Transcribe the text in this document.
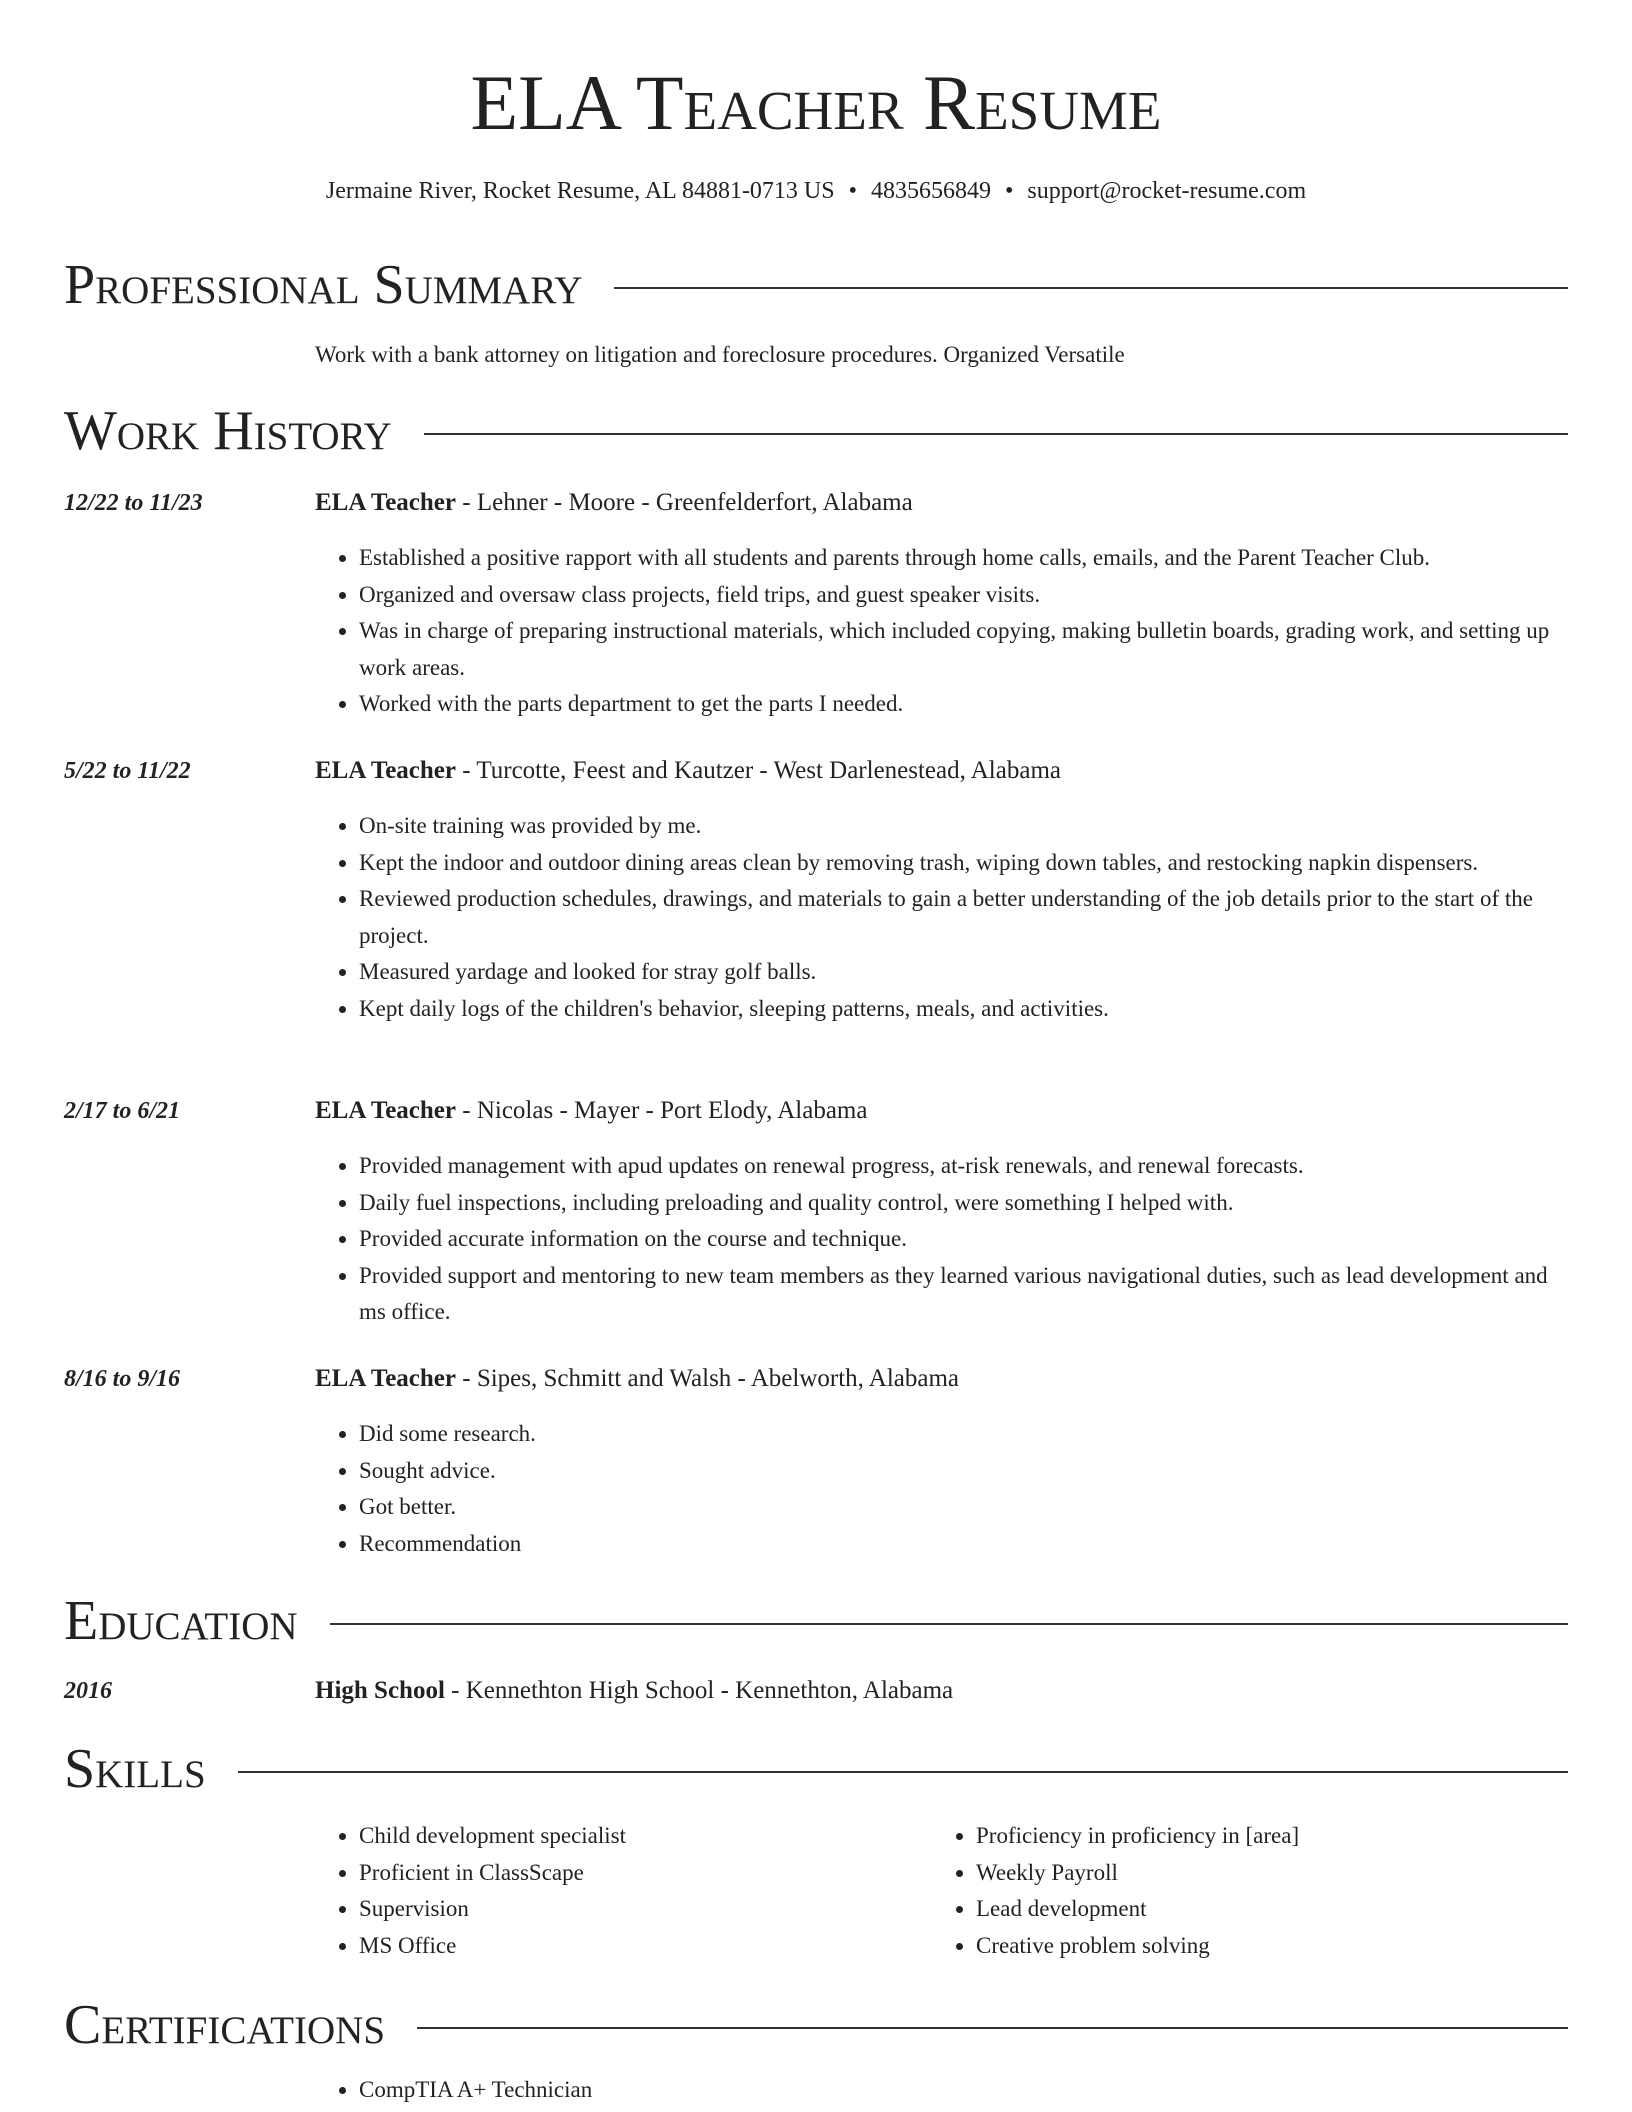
ELA Teacher Resume
Jermaine River, Rocket Resume, AL 84881-0713 US • 4835656849 • support@rocket-resume.com
Professional Summary

Work with a bank attorney on litigation and foreclosure procedures. Organized Versatile

Work History
12/22 to 11/23	ELA Teacher - Lehner - Moore - Greenfelderfort, Alabama
• Established a positive rapport with all students and parents through home calls, emails, and the Parent Teacher Club.
• Organized and oversaw class projects, field trips, and guest speaker visits.
• Was in charge of preparing instructional materials, which included copying, making bulletin boards, grading work, and setting up work areas.
• Worked with the parts department to get the parts I needed.
5/22 to 11/22	ELA Teacher - Turcotte, Feest and Kautzer - West Darlenestead, Alabama
• On-site training was provided by me.
• Kept the indoor and outdoor dining areas clean by removing trash, wiping down tables, and restocking napkin dispensers.
• Reviewed production schedules, drawings, and materials to gain a better understanding of the job details prior to the start of the project.
• Measured yardage and looked for stray golf balls.
• Kept daily logs of the children's behavior, sleeping patterns, meals, and activities.
2/17 to 6/21	ELA Teacher - Nicolas - Mayer - Port Elody, Alabama
• Provided management with apud updates on renewal progress, at-risk renewals, and renewal forecasts.
• Daily fuel inspections, including preloading and quality control, were something I helped with.
• Provided accurate information on the course and technique.
• Provided support and mentoring to new team members as they learned various navigational duties, such as lead development and ms office.
8/16 to 9/16	ELA Teacher - Sipes, Schmitt and Walsh - Abelworth, Alabama
• Did some research.
• Sought advice.
• Got better.
• Recommendation
Education
2016	High School - Kennethton High School - Kennethton, Alabama
Skills
• Child development specialist
• Proficient in ClassScape
• Supervision
• MS Office
• Proficiency in proficiency in [area]
• Weekly Payroll
• Lead development
• Creative problem solving
Certifications
• CompTIA A+ Technician
